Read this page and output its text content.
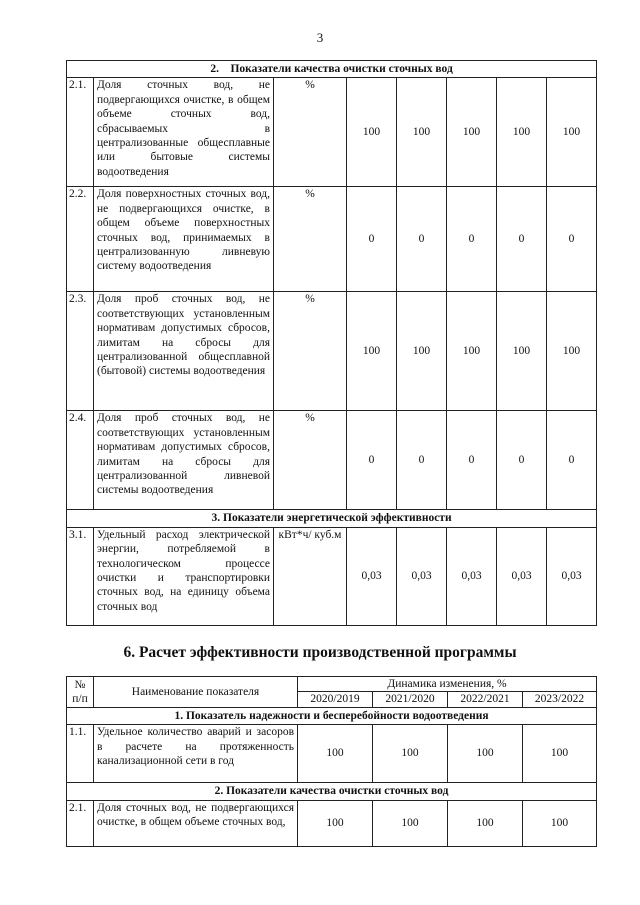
3
2.    Показатели качества очистки сточных вод							
2.1.	Доля сточных вод, не подвергающихся очистке, в общем объеме сточных вод, сбрасываемых в централизованные общесплавные или бытовые системы водоотведения	%	100	100	100	100	100
2.2.	Доля поверхностных сточных вод, не подвергающихся очистке, в общем объеме поверхностных сточных вод, принимаемых в централизованную ливневую систему водоотведения	%	0	0	0	0	0
2.3.	Доля проб сточных вод, не соответствующих установленным нормативам допустимых сбросов, лимитам на сбросы для централизованной общесплавной (бытовой) системы водоотведения	%	100	100	100	100	100
2.4.	Доля проб сточных вод, не соответствующих установленным нормативам допустимых сбросов, лимитам на сбросы для централизованной ливневой системы водоотведения	%	0	0	0	0	0
3. Показатели энергетической эффективности							
3.1.	Удельный расход электрической энергии, потребляемой в технологическом процессе очистки и транспортировки сточных вод, на единицу объема сточных вод	кВт*ч/ куб.м	0,03	0,03	0,03	0,03	0,03
6. Расчет эффективности производственной программы
№ п/п	Наименование показателя	Динамика изменения, %			
		2020/2019	2021/2020	2022/2021	2023/2022
1. Показатель надежности и бесперебойности водоотведения					
1.1.	Удельное количество аварий и засоров в расчете на протяженность канализационной сети в год	100	100	100	100
2. Показатели качества очистки сточных вод					
2.1.	Доля сточных вод, не подвергающихся очистке, в общем объеме сточных вод,	100	100	100	100
